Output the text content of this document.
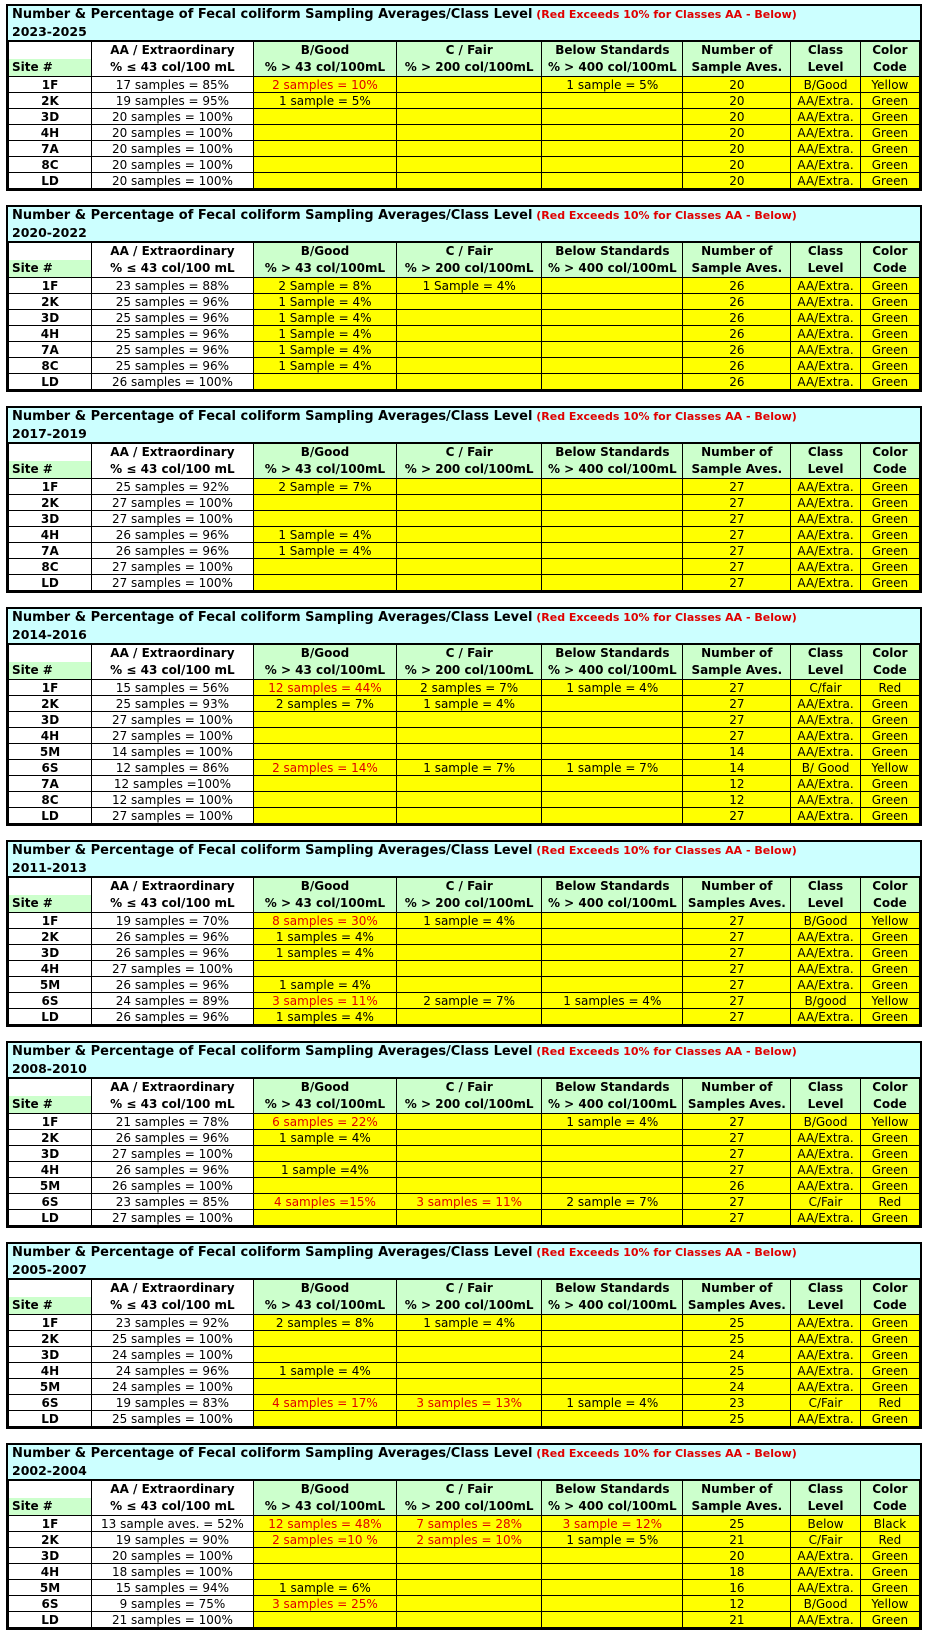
Number & Percentage of Fecal coliform Sampling Averages/Class Level (Red Exceeds 10% for Classes AA - Below)
2023-2025
	AA / Extraordinary	B/Good	C / Fair	Below Standards	Number of	Class	Color
Site #	% ≤ 43 col/100 mL	% > 43 col/100mL	% > 200 col/100mL	% > 400 col/100mL	Sample Aves.	Level	Code
1F	17 samples = 85%	2 samples = 10%		1 sample = 5%	20	B/Good	Yellow
2K	19 samples = 95%	1 sample = 5%			20	AA/Extra.	Green
3D	20 samples = 100%				20	AA/Extra.	Green
4H	20 samples = 100%				20	AA/Extra.	Green
7A	20 samples = 100%				20	AA/Extra.	Green
8C	20 samples = 100%				20	AA/Extra.	Green
LD	20 samples = 100%				20	AA/Extra.	Green
Number & Percentage of Fecal coliform Sampling Averages/Class Level (Red Exceeds 10% for Classes AA - Below)
2020-2022
	AA / Extraordinary	B/Good	C / Fair	Below Standards	Number of	Class	Color
Site #	% ≤ 43 col/100 mL	% > 43 col/100mL	% > 200 col/100mL	% > 400 col/100mL	Sample Aves.	Level	Code
1F	23 samples = 88%	2 Sample = 8%	1 Sample = 4%		26	AA/Extra.	Green
2K	25 samples = 96%	1 Sample = 4%			26	AA/Extra.	Green
3D	25 samples = 96%	1 Sample = 4%			26	AA/Extra.	Green
4H	25 samples = 96%	1 Sample = 4%			26	AA/Extra.	Green
7A	25 samples = 96%	1 Sample = 4%			26	AA/Extra.	Green
8C	25 samples = 96%	1 Sample = 4%			26	AA/Extra.	Green
LD	26 samples = 100%				26	AA/Extra.	Green
Number & Percentage of Fecal coliform Sampling Averages/Class Level (Red Exceeds 10% for Classes AA - Below)
2017-2019
	AA / Extraordinary	B/Good	C / Fair	Below Standards	Number of	Class	Color
Site #	% ≤ 43 col/100 mL	% > 43 col/100mL	% > 200 col/100mL	% > 400 col/100mL	Sample Aves.	Level	Code
1F	25 samples = 92%	2 Sample = 7%			27	AA/Extra.	Green
2K	27 samples = 100%				27	AA/Extra.	Green
3D	27 samples = 100%				27	AA/Extra.	Green
4H	26 samples = 96%	1 Sample = 4%			27	AA/Extra.	Green
7A	26 samples = 96%	1 Sample = 4%			27	AA/Extra.	Green
8C	27 samples = 100%				27	AA/Extra.	Green
LD	27 samples = 100%				27	AA/Extra.	Green
Number & Percentage of Fecal coliform Sampling Averages/Class Level (Red Exceeds 10% for Classes AA - Below)
2014-2016
	AA / Extraordinary	B/Good	C / Fair	Below Standards	Number of	Class	Color
Site #	% ≤ 43 col/100 mL	% > 43 col/100mL	% > 200 col/100mL	% > 400 col/100mL	Sample Aves.	Level	Code
1F	15 samples = 56%	12 samples = 44%	2 samples = 7%	1 sample = 4%	27	C/fair	Red
2K	25 samples = 93%	2 samples = 7%	1 sample = 4%		27	AA/Extra.	Green
3D	27 samples = 100%				27	AA/Extra.	Green
4H	27 samples = 100%				27	AA/Extra.	Green
5M	14 samples = 100%				14	AA/Extra.	Green
6S	12 samples = 86%	2 samples = 14%	1 sample = 7%	1 sample = 7%	14	B/ Good	Yellow
7A	12 samples =100%				12	AA/Extra.	Green
8C	12 samples = 100%				12	AA/Extra.	Green
LD	27 samples = 100%				27	AA/Extra.	Green
Number & Percentage of Fecal coliform Sampling Averages/Class Level (Red Exceeds 10% for Classes AA - Below)
2011-2013
	AA / Extraordinary	B/Good	C / Fair	Below Standards	Number of	Class	Color
Site #	% ≤ 43 col/100 mL	% > 43 col/100mL	% > 200 col/100mL	% > 400 col/100mL	Samples Aves.	Level	Code
1F	19 samples = 70%	8 samples = 30%	1 sample = 4%		27	B/Good	Yellow
2K	26 samples = 96%	1 samples = 4%			27	AA/Extra.	Green
3D	26 samples = 96%	1 samples = 4%			27	AA/Extra.	Green
4H	27 samples = 100%				27	AA/Extra.	Green
5M	26 samples = 96%	1 sample = 4%			27	AA/Extra.	Green
6S	24 samples = 89%	3 samples = 11%	2 sample = 7%	1 samples = 4%	27	B/good	Yellow
LD	26 samples = 96%	1 samples = 4%			27	AA/Extra.	Green
Number & Percentage of Fecal coliform Sampling Averages/Class Level (Red Exceeds 10% for Classes AA - Below)
2008-2010
	AA / Extraordinary	B/Good	C / Fair	Below Standards	Number of	Class	Color
Site #	% ≤ 43 col/100 mL	% > 43 col/100mL	% > 200 col/100mL	% > 400 col/100mL	Samples Aves.	Level	Code
1F	21 samples = 78%	6 samples = 22%		1 sample = 4%	27	B/Good	Yellow
2K	26 samples = 96%	1 sample = 4%			27	AA/Extra.	Green
3D	27 samples = 100%				27	AA/Extra.	Green
4H	26 samples = 96%	1 sample =4%			27	AA/Extra.	Green
5M	26 samples = 100%				26	AA/Extra.	Green
6S	23 samples = 85%	4 samples =15%	3 samples = 11%	2 sample = 7%	27	C/Fair	Red
LD	27 samples = 100%				27	AA/Extra.	Green
Number & Percentage of Fecal coliform Sampling Averages/Class Level (Red Exceeds 10% for Classes AA - Below)
2005-2007
	AA / Extraordinary	B/Good	C / Fair	Below Standards	Number of	Class	Color
Site #	% ≤ 43 col/100 mL	% > 43 col/100mL	% > 200 col/100mL	% > 400 col/100mL	Samples Aves.	Level	Code
1F	23 samples = 92%	2 samples = 8%	1 sample = 4%		25	AA/Extra.	Green
2K	25 samples = 100%				25	AA/Extra.	Green
3D	24 samples = 100%				24	AA/Extra.	Green
4H	24 samples = 96%	1 sample = 4%			25	AA/Extra.	Green
5M	24 samples = 100%				24	AA/Extra.	Green
6S	19 samples = 83%	4 samples = 17%	3 samples = 13%	1 sample = 4%	23	C/Fair	Red
LD	25 samples = 100%				25	AA/Extra.	Green
Number & Percentage of Fecal coliform Sampling Averages/Class Level (Red Exceeds 10% for Classes AA - Below)
2002-2004
	AA / Extraordinary	B/Good	C / Fair	Below Standards	Number of	Class	Color
Site #	% ≤ 43 col/100 mL	% > 43 col/100mL	% > 200 col/100mL	% > 400 col/100mL	Sample Aves.	Level	Code
1F	13 sample aves. = 52%	12 samples = 48%	7 samples = 28%	3 sample = 12%	25	Below	Black
2K	19 samples = 90%	2 samples =10 %	2 samples = 10%	1 sample = 5%	21	C/Fair	Red
3D	20 samples = 100%				20	AA/Extra.	Green
4H	18 samples = 100%				18	AA/Extra.	Green
5M	15 samples = 94%	1 sample = 6%			16	AA/Extra.	Green
6S	9 samples = 75%	3 samples = 25%			12	B/Good	Yellow
LD	21 samples = 100%				21	AA/Extra.	Green
